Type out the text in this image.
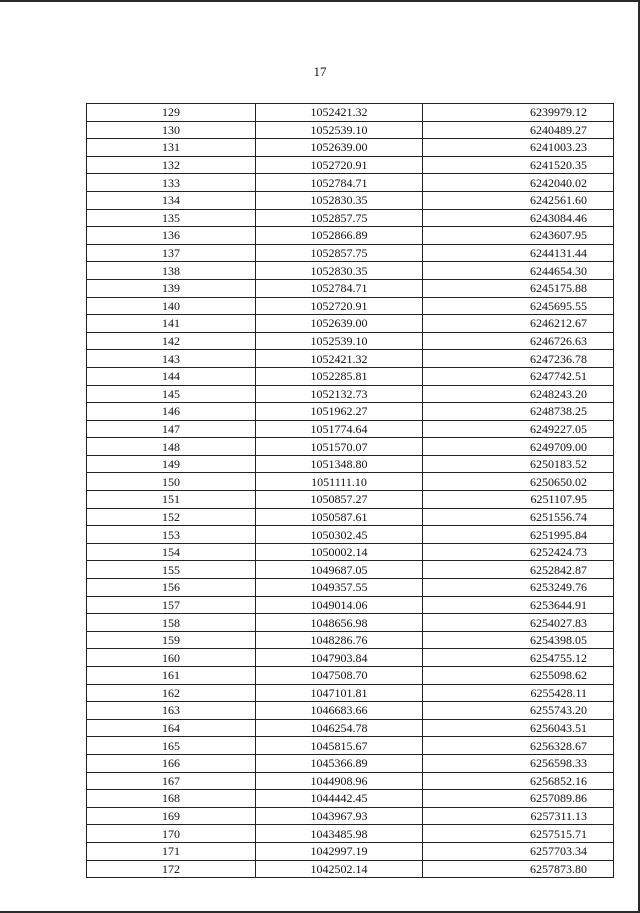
17
129	1052421.32	6239979.12
130	1052539.10	6240489.27
131	1052639.00	6241003.23
132	1052720.91	6241520.35
133	1052784.71	6242040.02
134	1052830.35	6242561.60
135	1052857.75	6243084.46
136	1052866.89	6243607.95
137	1052857.75	6244131.44
138	1052830.35	6244654.30
139	1052784.71	6245175.88
140	1052720.91	6245695.55
141	1052639.00	6246212.67
142	1052539.10	6246726.63
143	1052421.32	6247236.78
144	1052285.81	6247742.51
145	1052132.73	6248243.20
146	1051962.27	6248738.25
147	1051774.64	6249227.05
148	1051570.07	6249709.00
149	1051348.80	6250183.52
150	1051111.10	6250650.02
151	1050857.27	6251107.95
152	1050587.61	6251556.74
153	1050302.45	6251995.84
154	1050002.14	6252424.73
155	1049687.05	6252842.87
156	1049357.55	6253249.76
157	1049014.06	6253644.91
158	1048656.98	6254027.83
159	1048286.76	6254398.05
160	1047903.84	6254755.12
161	1047508.70	6255098.62
162	1047101.81	6255428.11
163	1046683.66	6255743.20
164	1046254.78	6256043.51
165	1045815.67	6256328.67
166	1045366.89	6256598.33
167	1044908.96	6256852.16
168	1044442.45	6257089.86
169	1043967.93	6257311.13
170	1043485.98	6257515.71
171	1042997.19	6257703.34
172	1042502.14	6257873.80
